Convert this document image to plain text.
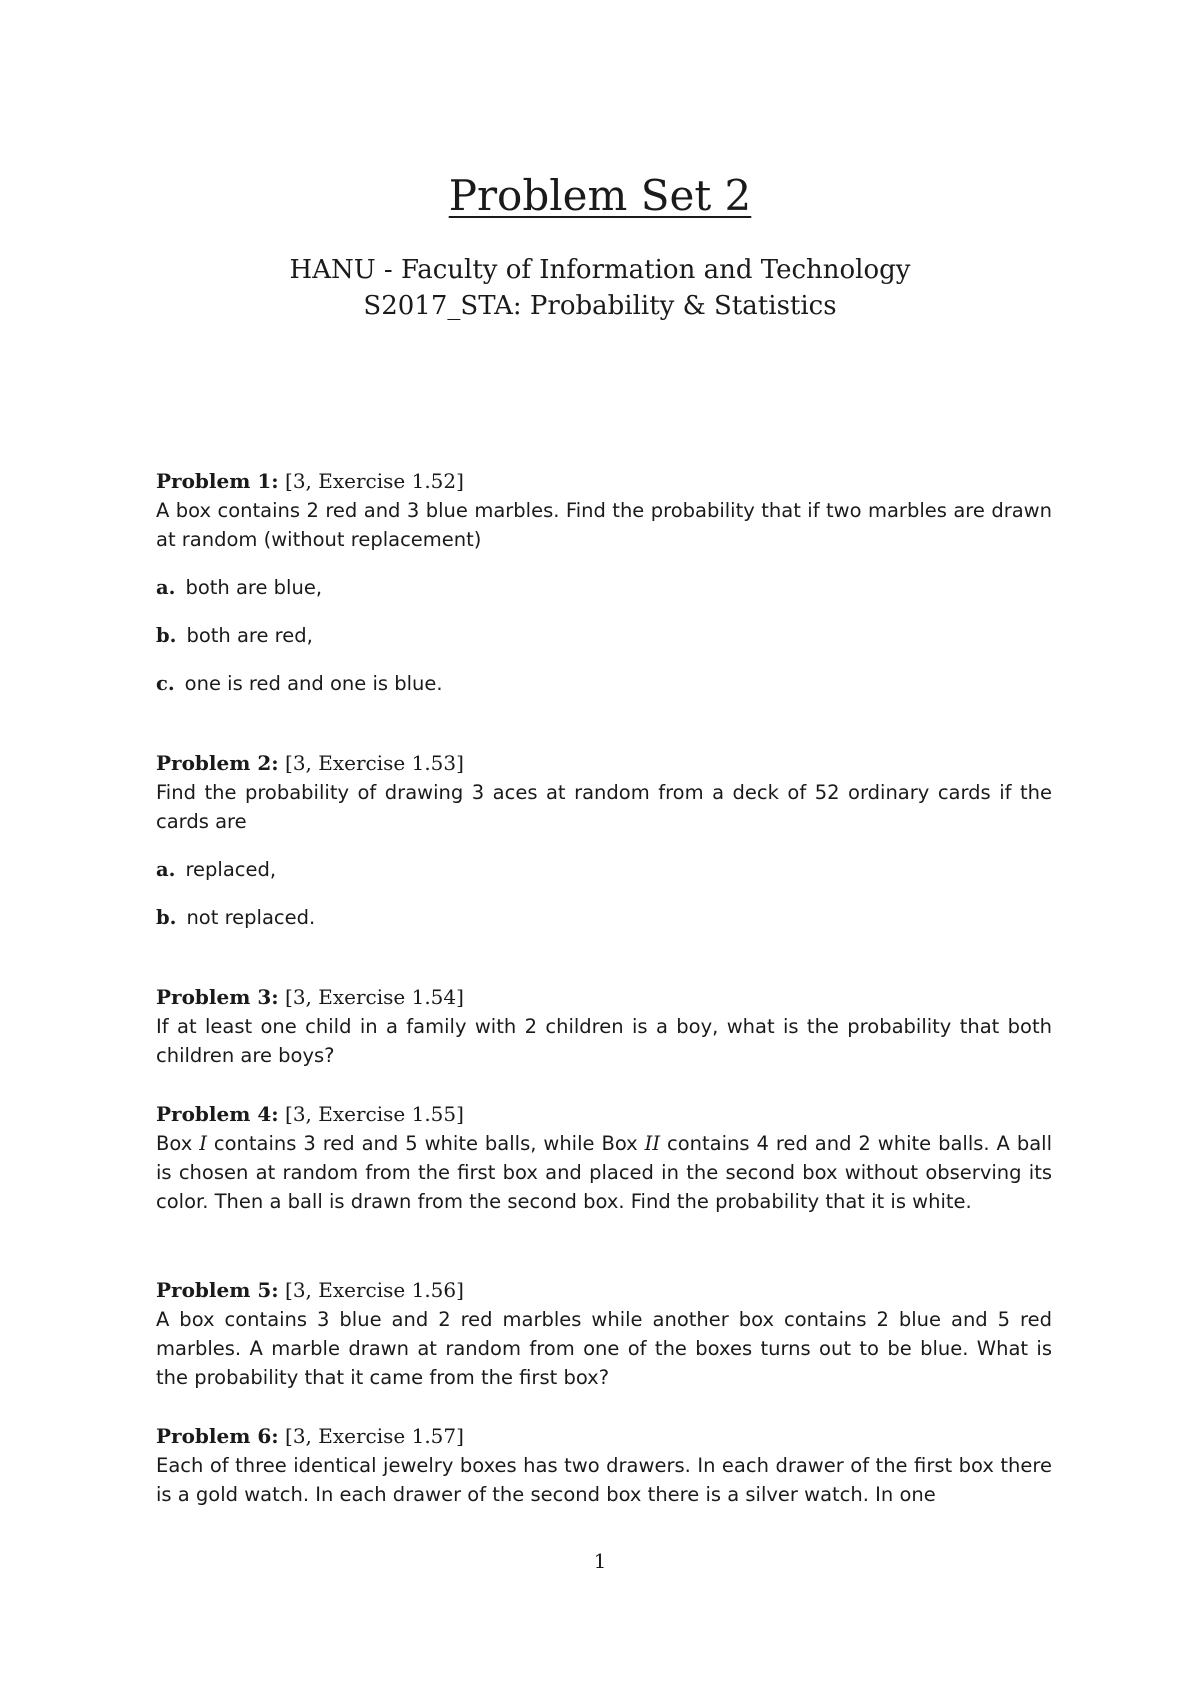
Problem Set 2
HANU - Faculty of Information and Technology
S2017_STA: Probability & Statistics
Problem 1: [3, Exercise 1.52]

A box contains 2 red and 3 blue marbles. Find the probability that if two marbles are drawn at random (without replacement)

a. both are blue,
b. both are red,
c. one is red and one is blue.
Problem 2: [3, Exercise 1.53]

Find the probability of drawing 3 aces at random from a deck of 52 ordinary cards if the cards are

a. replaced,
b. not replaced.
Problem 3: [3, Exercise 1.54]

If at least one child in a family with 2 children is a boy, what is the probability that both children are boys?

Problem 4: [3, Exercise 1.55]

Box I contains 3 red and 5 white balls, while Box II contains 4 red and 2 white balls. A ball is chosen at random from the first box and placed in the second box without observing its color. Then a ball is drawn from the second box. Find the probability that it is white.

Problem 5: [3, Exercise 1.56]

A box contains 3 blue and 2 red marbles while another box contains 2 blue and 5 red marbles. A marble drawn at random from one of the boxes turns out to be blue. What is the probability that it came from the first box?

Problem 6: [3, Exercise 1.57]

Each of three identical jewelry boxes has two drawers. In each drawer of the first box there is a gold watch. In each drawer of the second box there is a silver watch. In one

1
